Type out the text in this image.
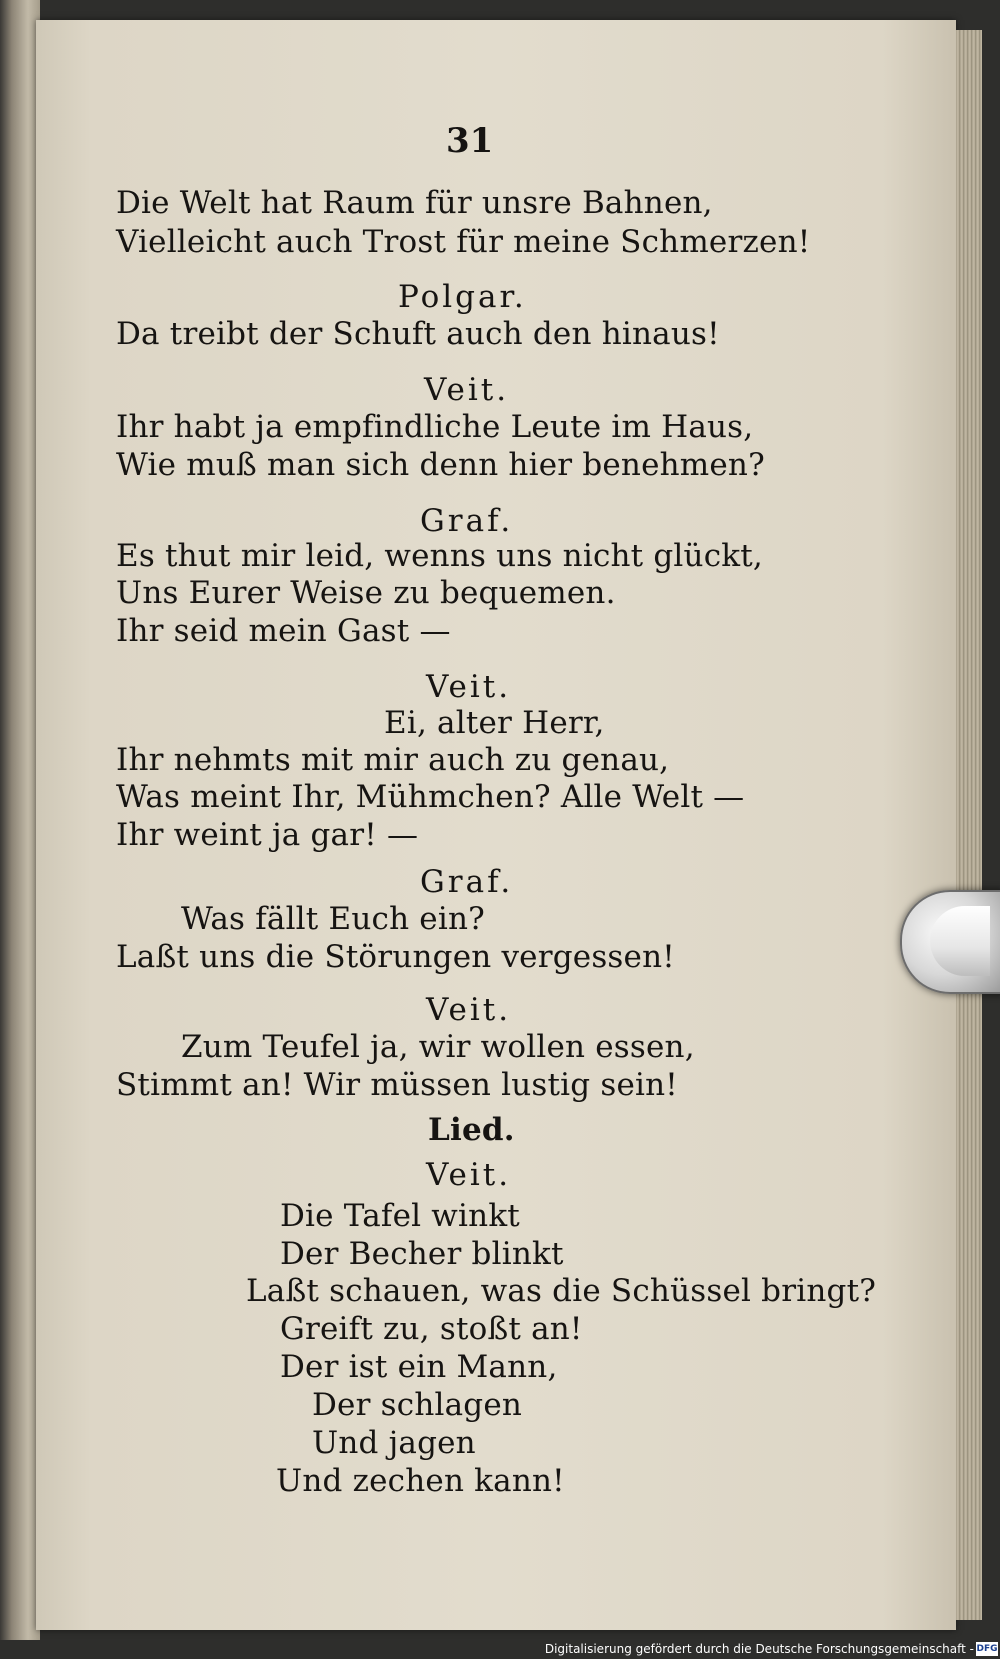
31
Die Welt hat Raum für unsre Bahnen,
Vielleicht auch Trost für meine Schmerzen!
Polgar.
Da treibt der Schuft auch den hinaus!
Veit.
Ihr habt ja empfindliche Leute im Haus,
Wie muß man sich denn hier benehmen?
Graf.
Es thut mir leid, wenns uns nicht glückt,
Uns Eurer Weise zu bequemen.
Ihr seid mein Gast —
Veit.
Ei, alter Herr,
Ihr nehmts mit mir auch zu genau,
Was meint Ihr, Mühmchen? Alle Welt —
Ihr weint ja gar! —
Graf.
Was fällt Euch ein?
Laßt uns die Störungen vergessen!
Veit.
Zum Teufel ja, wir wollen essen,
Stimmt an! Wir müssen lustig sein!
Lied.
Veit.
Die Tafel winkt
Der Becher blinkt
Laßt schauen, was die Schüssel bringt?
Greift zu, stoßt an!
Der ist ein Mann,
Der schlagen
Und jagen
Und zechen kann!
Digitalisierung gefördert durch die Deutsche Forschungsgemeinschaft - DFG
